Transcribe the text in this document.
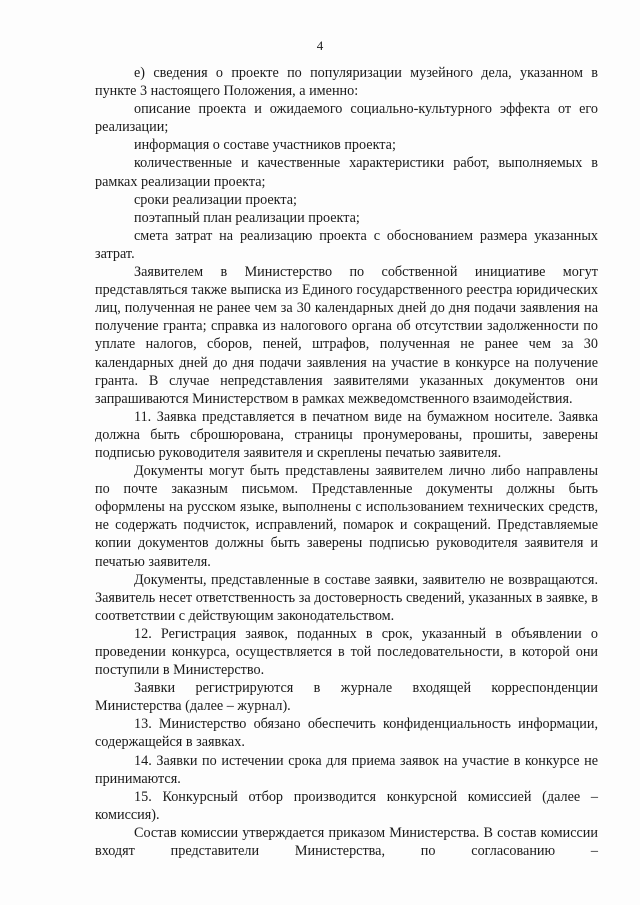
4

е) сведения о проекте по популяризации музейного дела, указанном в пункте 3 настоящего Положения, а именно:

описание проекта и ожидаемого социально-культурного эффекта от его реализации;

информация о составе участников проекта;

количественные и качественные характеристики работ, выполняемых в рамках реализации проекта;

сроки реализации проекта;

поэтапный план реализации проекта;

смета затрат на реализацию проекта с обоснованием размера указанных затрат.

Заявителем в Министерство по собственной инициативе могут представляться также выписка из Единого государственного реестра юридических лиц, полученная не ранее чем за 30 календарных дней до дня подачи заявления на получение гранта; справка из налогового органа об отсутствии задолженности по уплате налогов, сборов, пеней, штрафов, полученная не ранее чем за 30 календарных дней до дня подачи заявления на участие в конкурсе на получение гранта. В случае непредставления заявителями указанных документов они запрашиваются Министерством в рамках межведомственного взаимодействия.

11. Заявка представляется в печатном виде на бумажном носителе. Заявка должна быть сброшюрована, страницы пронумерованы, прошиты, заверены подписью руководителя заявителя и скреплены печатью заявителя.

Документы могут быть представлены заявителем лично либо направлены по почте заказным письмом. Представленные документы должны быть оформлены на русском языке, выполнены с использованием технических средств, не содержать подчисток, исправлений, помарок и сокращений. Представляемые копии документов должны быть заверены подписью руководителя заявителя и печатью заявителя.

Документы, представленные в составе заявки, заявителю не возвращаются. Заявитель несет ответственность за достоверность сведений, указанных в заявке, в соответствии с действующим законодательством.

12. Регистрация заявок, поданных в срок, указанный в объявлении о проведении конкурса, осуществляется в той последовательности, в которой они поступили в Министерство.

Заявки регистрируются в журнале входящей корреспонденции Министерства (далее – журнал).

13. Министерство обязано обеспечить конфиденциальность информации, содержащейся в заявках.

14. Заявки по истечении срока для приема заявок на участие в конкурсе не принимаются.

15. Конкурсный отбор производится конкурсной комиссией (далее – комиссия).

Состав комиссии утверждается приказом Министерства. В состав комиссии входят представители Министерства, по согласованию –
